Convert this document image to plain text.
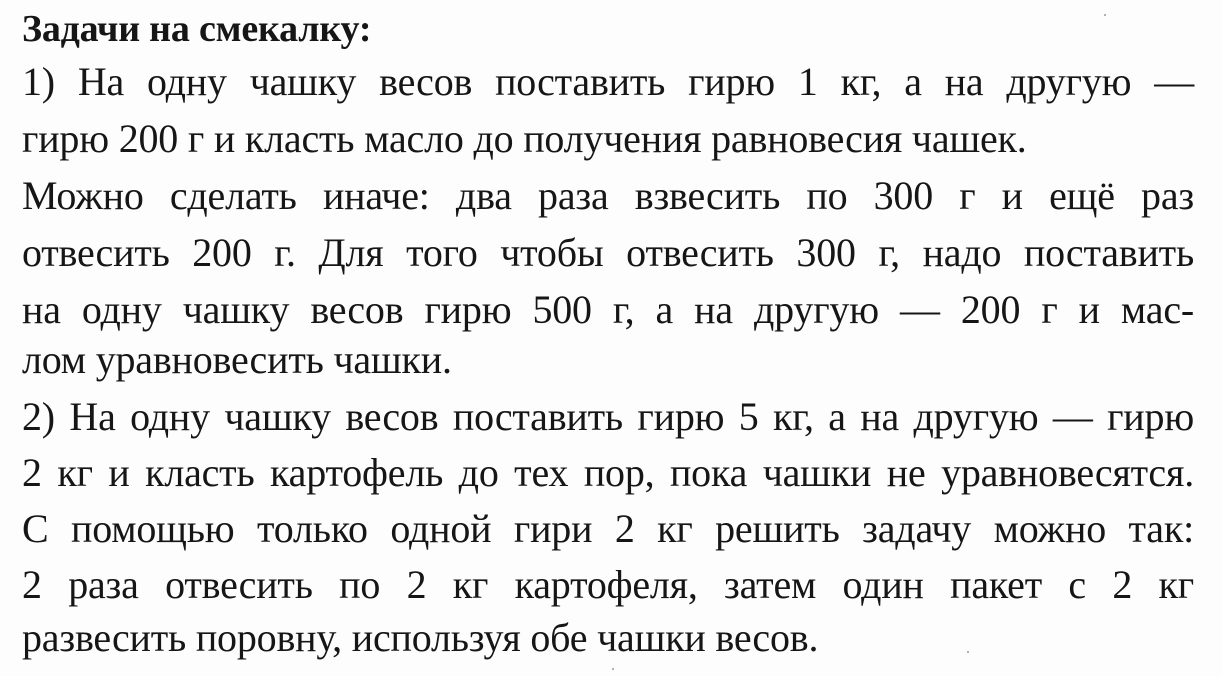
Задачи на смекалку:

1) На одну чашку весов поставить гирю 1 кг, а на другую —

гирю 200 г и класть масло до получения равновесия чашек.

Можно сделать иначе: два раза взвесить по 300 г и ещё раз

отвесить 200 г. Для того чтобы отвесить 300 г, надо поставить

на одну чашку весов гирю 500 г, а на другую — 200 г и мас-

лом уравновесить чашки.

2) На одну чашку весов поставить гирю 5 кг, а на другую — гирю

2 кг и класть картофель до тех пор, пока чашки не уравновесятся.

С помощью только одной гири 2 кг решить задачу можно так:

2 раза отвесить по 2 кг картофеля, затем один пакет с 2 кг

развесить поровну, используя обе чашки весов.
